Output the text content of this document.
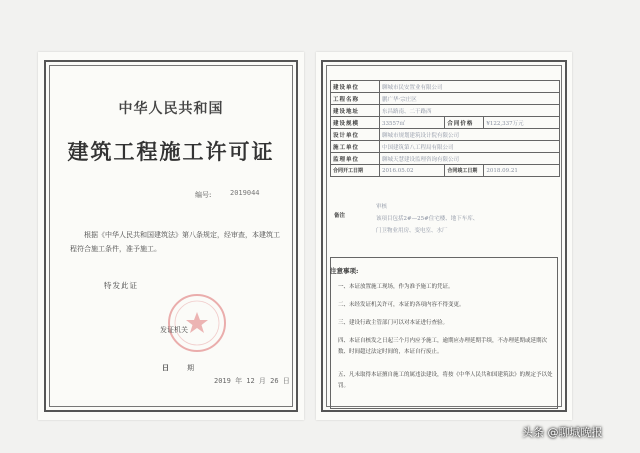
中华人民共和国
建筑工程施工许可证
编号:	2019044
根据《中华人民共和国建筑法》第八条规定，经审查，本建筑工程符合施工条件，准予施工。
特发此证
发证机关
日	期
2019 年 12 月 26 日
建设单位	聊城市民安置业有限公司		
工程名称	鹏广华·宗庄区		
建设地址	东昌路南、二干路西		
建设规模	33557㎡	合同价格	¥122,337万元
设计单位	聊城市规划建筑设计院有限公司		
施工单位	中国建筑第八工程局有限公司		
监理单位	聊城天慧建设监理咨询有限公司		
合同开工日期	2016.05.02	合同竣工日期	2018.09.21
备注
审核
该项目包括2#—25#住宅楼、地下车库、
门卫物业用房、变电室、水厂
注意事项:
一、本证放置施工现场，作为准予施工的凭证。
二、未经发证机关许可，本证的各项内容不得变更。
三、建设行政主管部门可以对本证进行查验。
四、本证自核发之日起三个月内应予施工，逾期应办理延期手续，不办理延期或延期次数、时间超过法定时间的，本证自行废止。
五、凡未取得本证擅自施工的属违法建设，将按《中华人民共和国建筑法》的规定予以处罚。
头条 @聊城晚报
